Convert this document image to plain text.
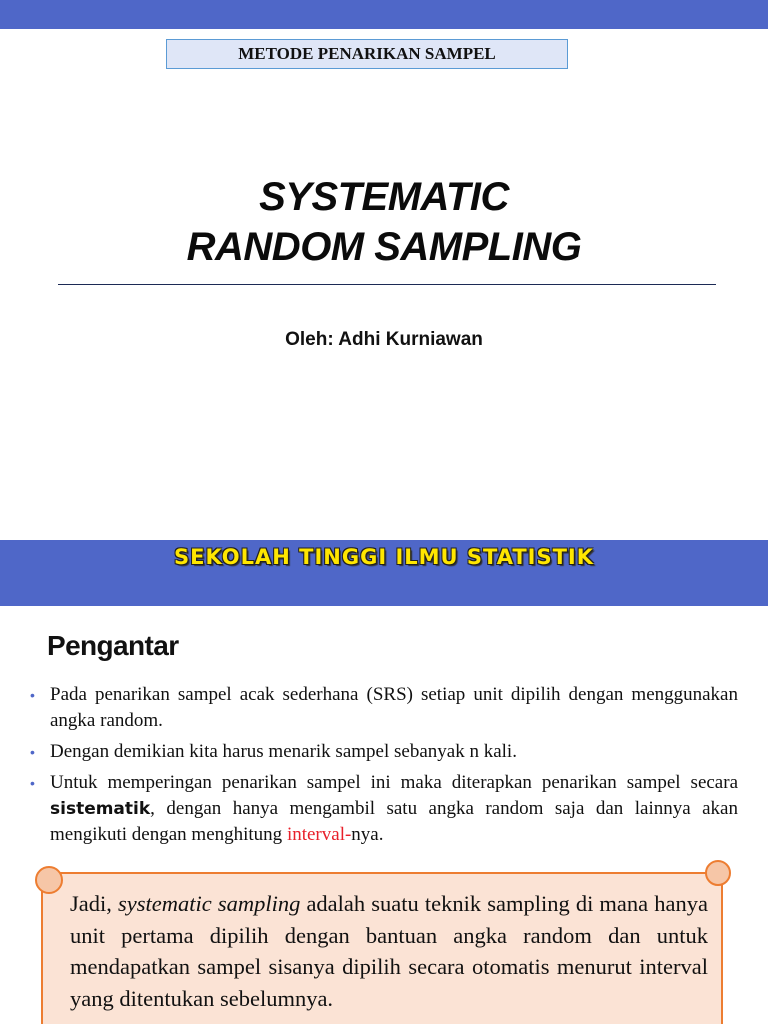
METODE PENARIKAN SAMPEL
SYSTEMATIC
RANDOM SAMPLING
Oleh: Adhi Kurniawan
SEKOLAH TINGGI ILMU STATISTIK
Pengantar
• Pada penarikan sampel acak sederhana (SRS) setiap unit dipilih dengan menggunakan angka random.
• Dengan demikian kita harus menarik sampel sebanyak n kali.
• Untuk memperingan penarikan sampel ini maka diterapkan penarikan sampel secara sistematik, dengan hanya mengambil satu angka random saja dan lainnya akan mengikuti dengan menghitung interval-nya.

Jadi, systematic sampling adalah suatu teknik sampling di mana hanya unit pertama dipilih dengan bantuan angka random dan untuk mendapatkan sampel sisanya dipilih secara otomatis menurut interval yang ditentukan sebelumnya.
